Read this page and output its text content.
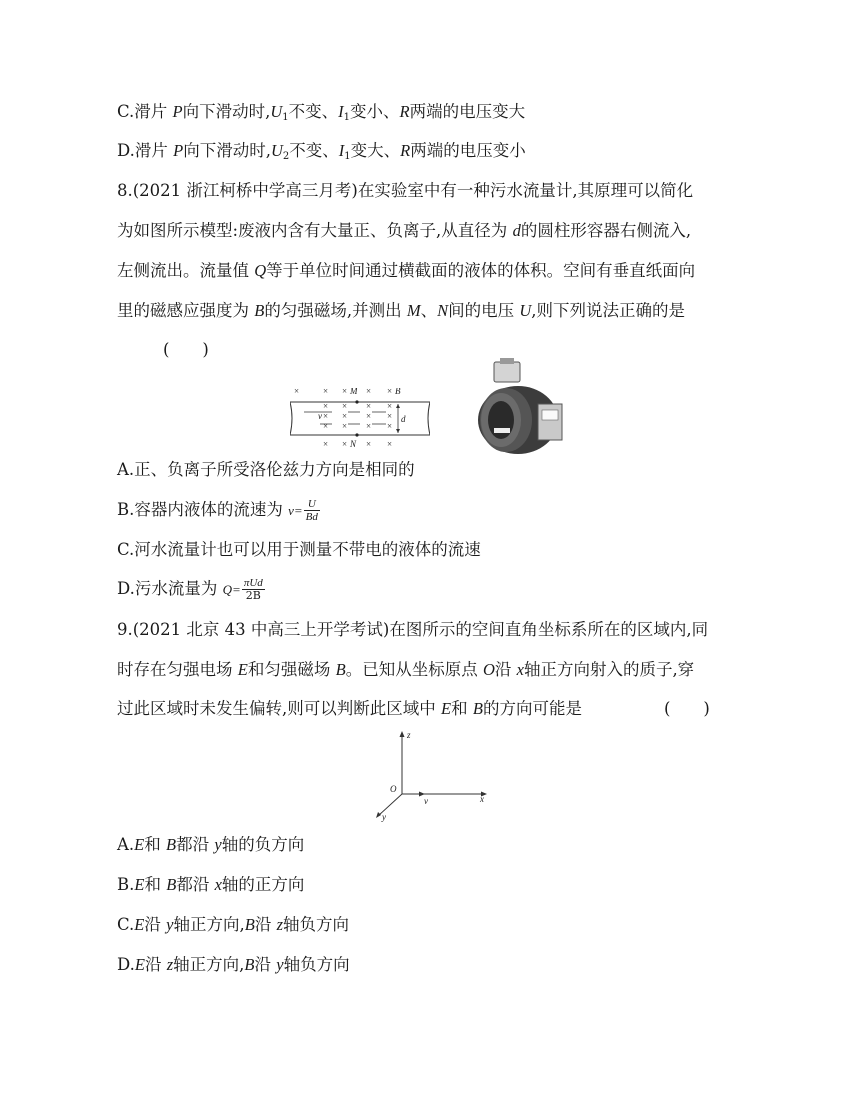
C.滑片 P向下滑动时$,U_1$不变、$I_1$变小、R两端的电压变大
D.滑片 P向下滑动时$,U_2$不变、$I_1$变大、R两端的电压变小
8.(2021 浙江柯桥中学高三月考)在实验室中有一种污水流量计,其原理可以简化
为如图所示模型:废液内含有大量正、负离子,从直径为 d的圆柱形容器右侧流入,
左侧流出。流量值 Q等于单位时间通过横截面的液体的体积。空间有垂直纸面向
里的磁感应强度为 B的匀强磁场,并测出 M、N间的电压 U,则下列说法正确的是
(　　)
×	× × × ×
M	B
× × × ×
v × × × ×
× × × ×
d
× × × ×
N
A.正、负离子所受洛伦兹力方向是相同的
B.容器内液体的流速为 $v= \frac{U}{Bd}$
C.河水流量计也可以用于测量不带电的液体的流速
D.污水流量为 $Q= \frac{\text{πUd}}{2B}$
9.(2021 北京 43 中高三上开学考试)在图所示的空间直角坐标系所在的区域内,同
时存在匀强电场 E和匀强磁场 B。已知从坐标原点 O沿 x轴正方向射入的质子,穿
过此区域时未发生偏转,则可以判断此区域中 E和 B的方向可能是	(　　)
z
O
v	x
y
A.E和 B都沿 y轴的负方向
B.E和 B都沿 x轴的正方向
C.E沿 y轴正方向,B沿 z轴负方向
D.E沿 z轴正方向,B沿 y轴负方向
